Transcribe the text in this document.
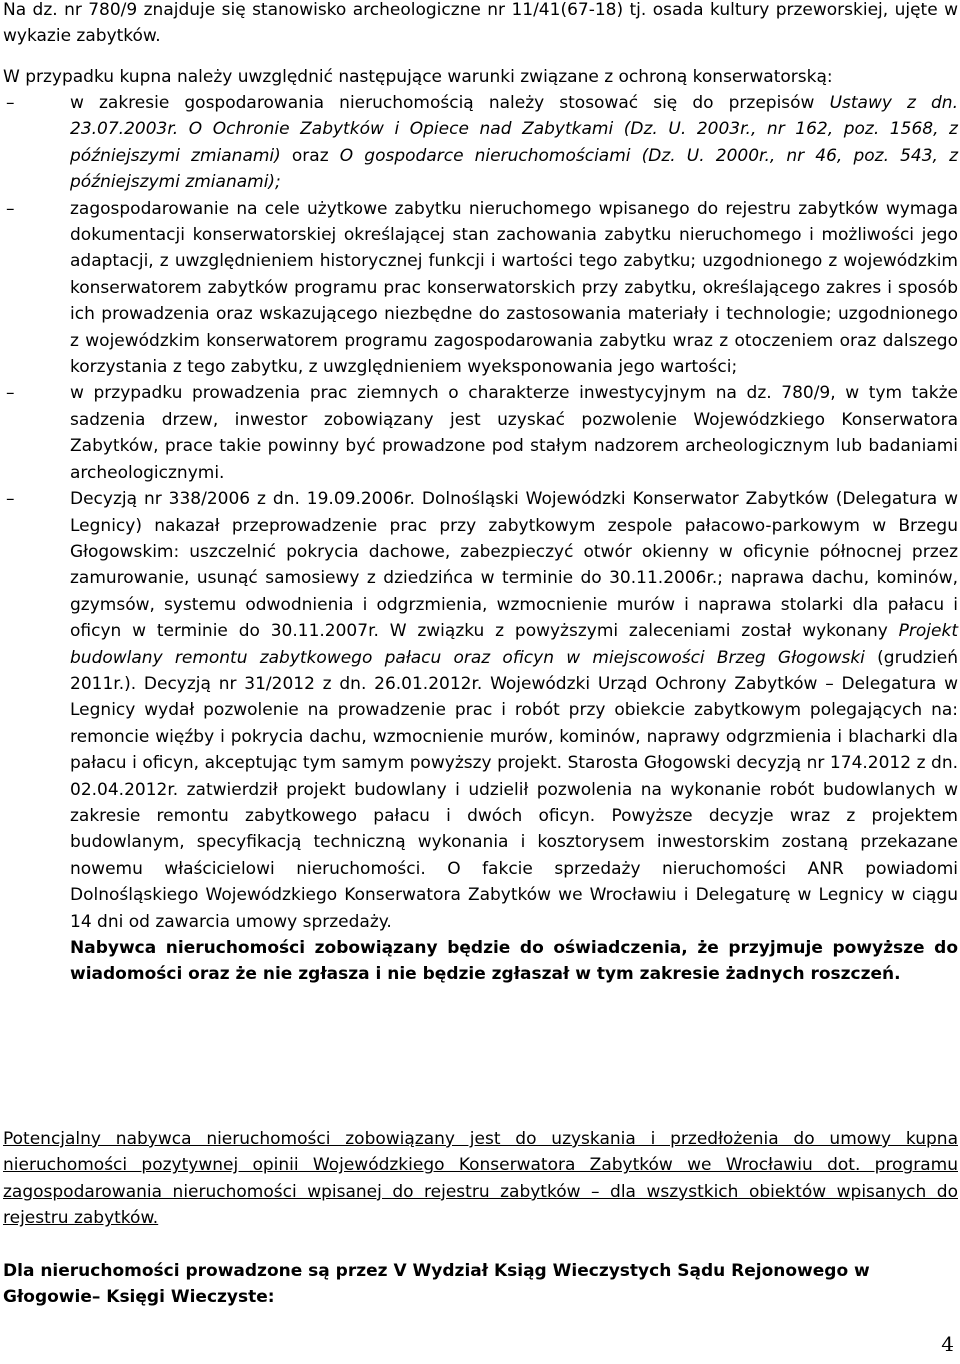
Na dz. nr 780/9 znajduje się stanowisko archeologiczne nr 11/41(67-18) tj. osada kultury przeworskiej, ujęte w wykazie zabytków.

W przypadku kupna należy uwzględnić następujące warunki związane z ochroną konserwatorską:

–	w zakresie gospodarowania nieruchomością należy stosować się do przepisów Ustawy z dn. 23.07.2003r. O Ochronie Zabytków i Opiece nad Zabytkami (Dz. U. 2003r., nr 162, poz. 1568, z późniejszymi zmianami) oraz O gospodarce nieruchomościami (Dz. U. 2000r., nr 46, poz. 543, z późniejszymi zmianami);

–	zagospodarowanie na cele użytkowe zabytku nieruchomego wpisanego do rejestru zabytków wymaga dokumentacji konserwatorskiej określającej stan zachowania zabytku nieruchomego i możliwości jego adaptacji, z uwzględnieniem historycznej funkcji i wartości tego zabytku; uzgodnionego z wojewódzkim konserwatorem zabytków programu prac konserwatorskich przy zabytku, określającego zakres i sposób ich prowadzenia oraz wskazującego niezbędne do zastosowania materiały i technologie; uzgodnionego z wojewódzkim konserwatorem programu zagospodarowania zabytku wraz z otoczeniem oraz dalszego korzystania z tego zabytku, z uwzględnieniem wyeksponowania jego wartości;

–	w przypadku prowadzenia prac ziemnych o charakterze inwestycyjnym na dz. 780/9, w tym także sadzenia drzew, inwestor zobowiązany jest uzyskać pozwolenie Wojewódzkiego Konserwatora Zabytków, prace takie powinny być prowadzone pod stałym nadzorem archeologicznym lub badaniami archeologicznymi.

–	Decyzją nr 338/2006 z dn. 19.09.2006r. Dolnośląski Wojewódzki Konserwator Zabytków (Delegatura w Legnicy) nakazał przeprowadzenie prac przy zabytkowym zespole pałacowo-parkowym w Brzegu Głogowskim: uszczelnić pokrycia dachowe, zabezpieczyć otwór okienny w oficynie północnej przez zamurowanie, usunąć samosiewy z dziedzińca w terminie do 30.11.2006r.; naprawa dachu, kominów, gzymsów, systemu odwodnienia i odgrzmienia, wzmocnienie murów i naprawa stolarki dla pałacu i oficyn w terminie do 30.11.2007r. W związku z powyższymi zaleceniami został wykonany Projekt budowlany remontu zabytkowego pałacu oraz oficyn w miejscowości Brzeg Głogowski (grudzień 2011r.). Decyzją nr 31/2012 z dn. 26.01.2012r. Wojewódzki Urząd Ochrony Zabytków – Delegatura w Legnicy wydał pozwolenie na prowadzenie prac i robót przy obiekcie zabytkowym polegających na: remoncie więźby i pokrycia dachu, wzmocnienie murów, kominów, naprawy odgrzmienia i blacharki dla pałacu i oficyn, akceptując tym samym powyższy projekt. Starosta Głogowski decyzją nr 174.2012 z dn. 02.04.2012r. zatwierdził projekt budowlany i udzielił pozwolenia na wykonanie robót budowlanych w zakresie remontu zabytkowego pałacu i dwóch oficyn. Powyższe decyzje wraz z projektem budowlanym, specyfikacją techniczną wykonania i kosztorysem inwestorskim zostaną przekazane nowemu właścicielowi nieruchomości. O fakcie sprzedaży nieruchomości ANR powiadomi Dolnośląskiego Wojewódzkiego Konserwatora Zabytków we Wrocławiu i Delegaturę w Legnicy w ciągu 14 dni od zawarcia umowy sprzedaży.

Nabywca nieruchomości zobowiązany będzie do oświadczenia, że przyjmuje powyższe do wiadomości oraz że nie zgłasza i nie będzie zgłaszał w tym zakresie żadnych roszczeń.

Potencjalny nabywca nieruchomości zobowiązany jest do uzyskania i przedłożenia do umowy kupna nieruchomości pozytywnej opinii Wojewódzkiego Konserwatora Zabytków we Wrocławiu dot. programu zagospodarowania nieruchomości wpisanej do rejestru zabytków – dla wszystkich obiektów wpisanych do rejestru zabytków.

Dla nieruchomości prowadzone są przez V Wydział Ksiąg Wieczystych Sądu Rejonowego w Głogowie– Księgi Wieczyste:

4
